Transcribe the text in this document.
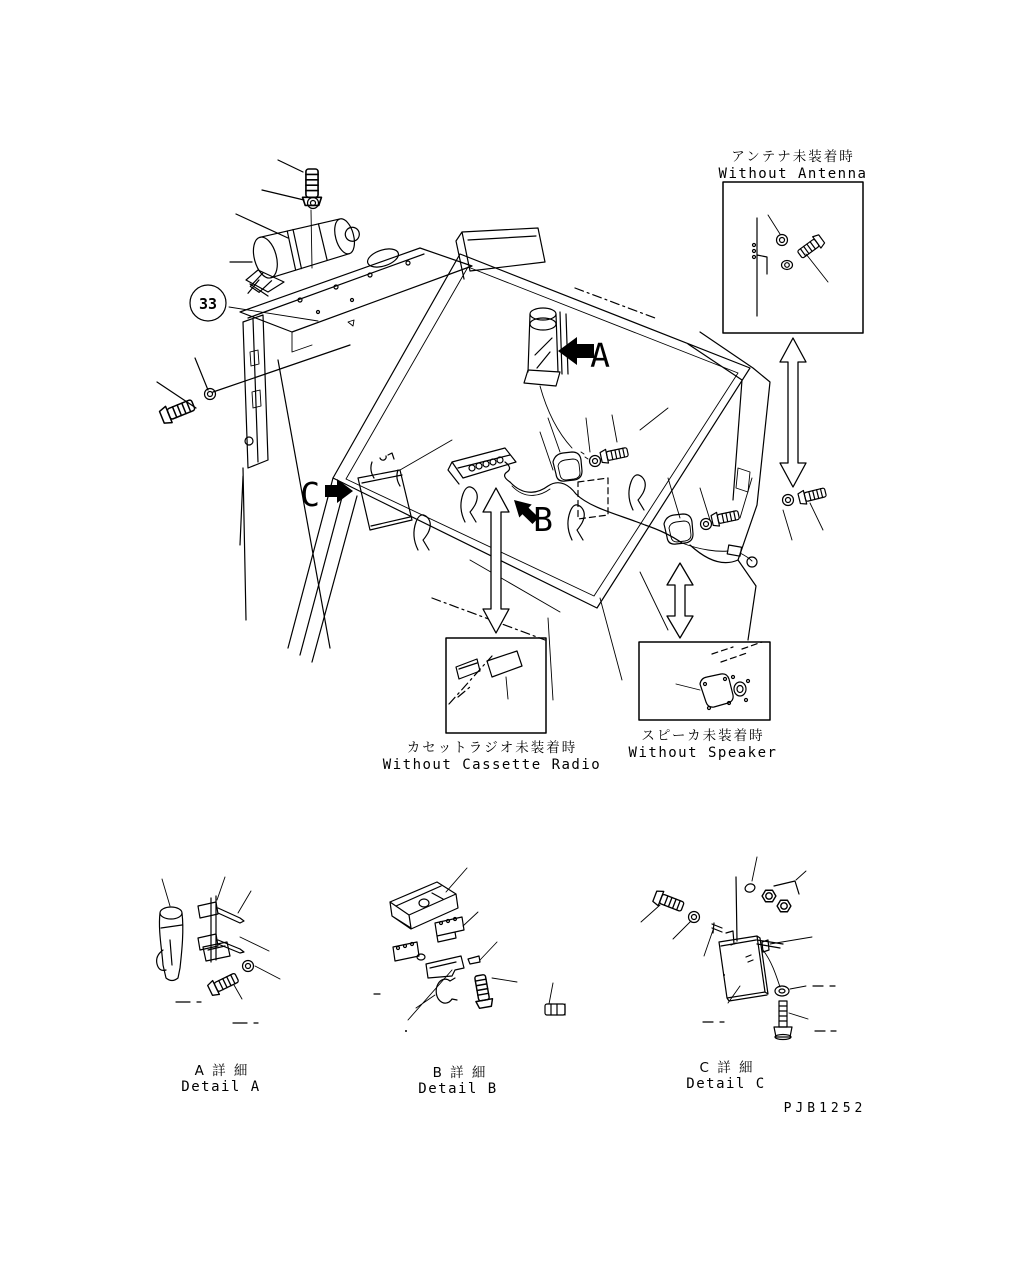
33
A
C
B
アンテナ未装着時
Without Antenna
カセットラジオ未装着時
Without Cassette Radio
スピーカ未装着時
Without Speaker
A 詳 細
Detail A
B 詳 細
Detail B
C 詳 細
Detail C
PJB1252
